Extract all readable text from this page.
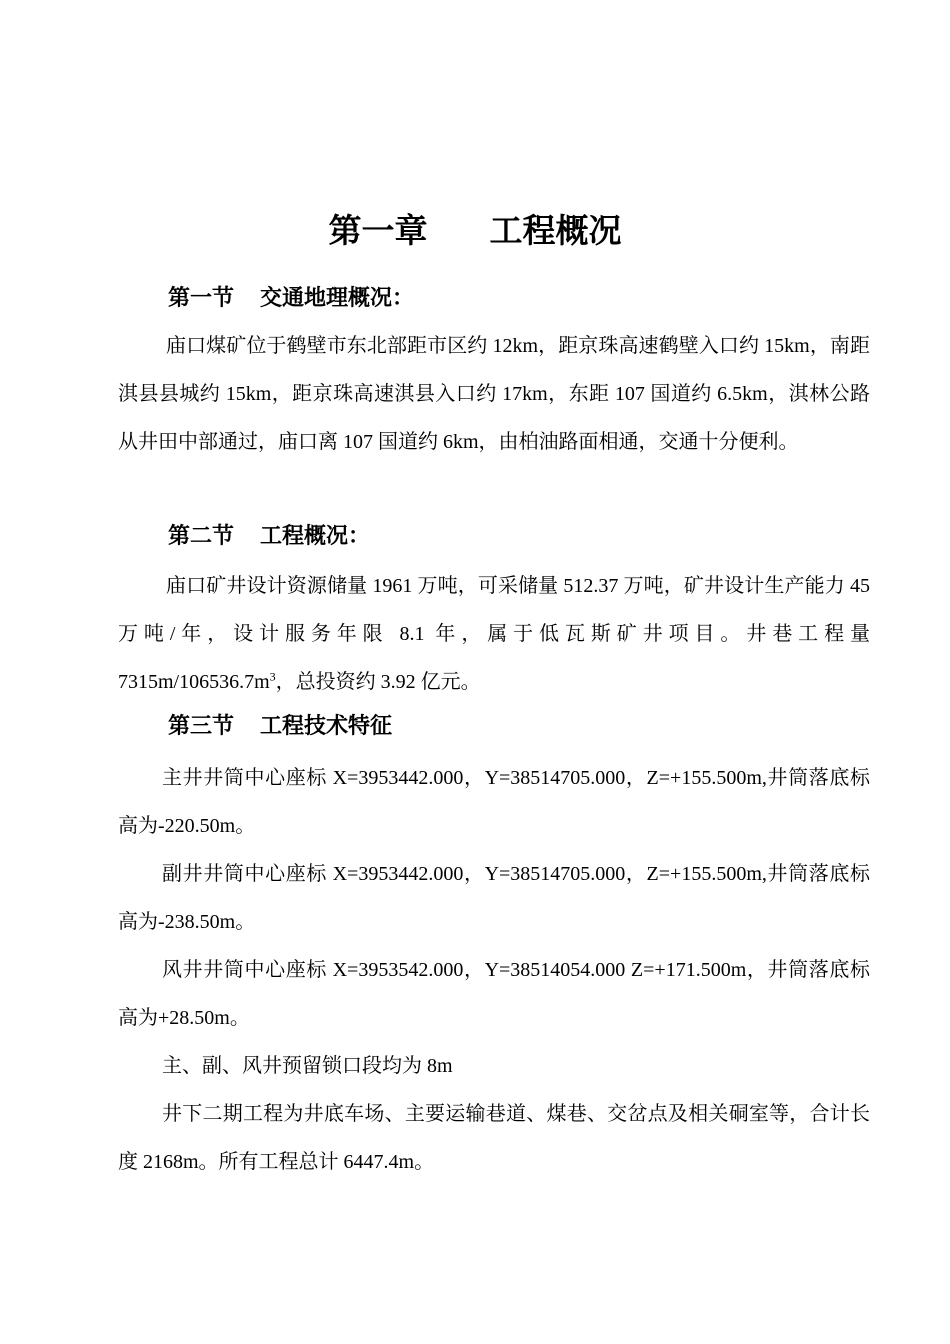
第一章 工程概况
第一节 交通地理概况：

庙口煤矿位于鹤壁市东北部距市区约 12km，距京珠高速鹤壁入口约 15km，南距淇县县城约 15km，距京珠高速淇县入口约 17km，东距 107 国道约 6.5km，淇林公路从井田中部通过，庙口离 107 国道约 6km，由柏油路面相通，交通十分便利。

第二节 工程概况：

庙口矿井设计资源储量 1961 万吨，可采储量 512.37 万吨，矿井设计生产能力 45 万吨/年，设计服务年限 8.1 年，属于低瓦斯矿井项目。井巷工程量 $7315m/106536.7m^3$，总投资约 3.92 亿元。

第三节 工程技术特征

主井井筒中心座标 X=3953442.000，Y=38514705.000，Z=+155.500m,井筒落底标高为-220.50m。

副井井筒中心座标 X=3953442.000，Y=38514705.000，Z=+155.500m,井筒落底标高为-238.50m。

风井井筒中心座标 X=3953542.000，Y=38514054.000 Z=+171.500m，井筒落底标高为+28.50m。

主、副、风井预留锁口段均为 8m

井下二期工程为井底车场、主要运输巷道、煤巷、交岔点及相关硐室等，合计长度 2168m。所有工程总计 6447.4m。
